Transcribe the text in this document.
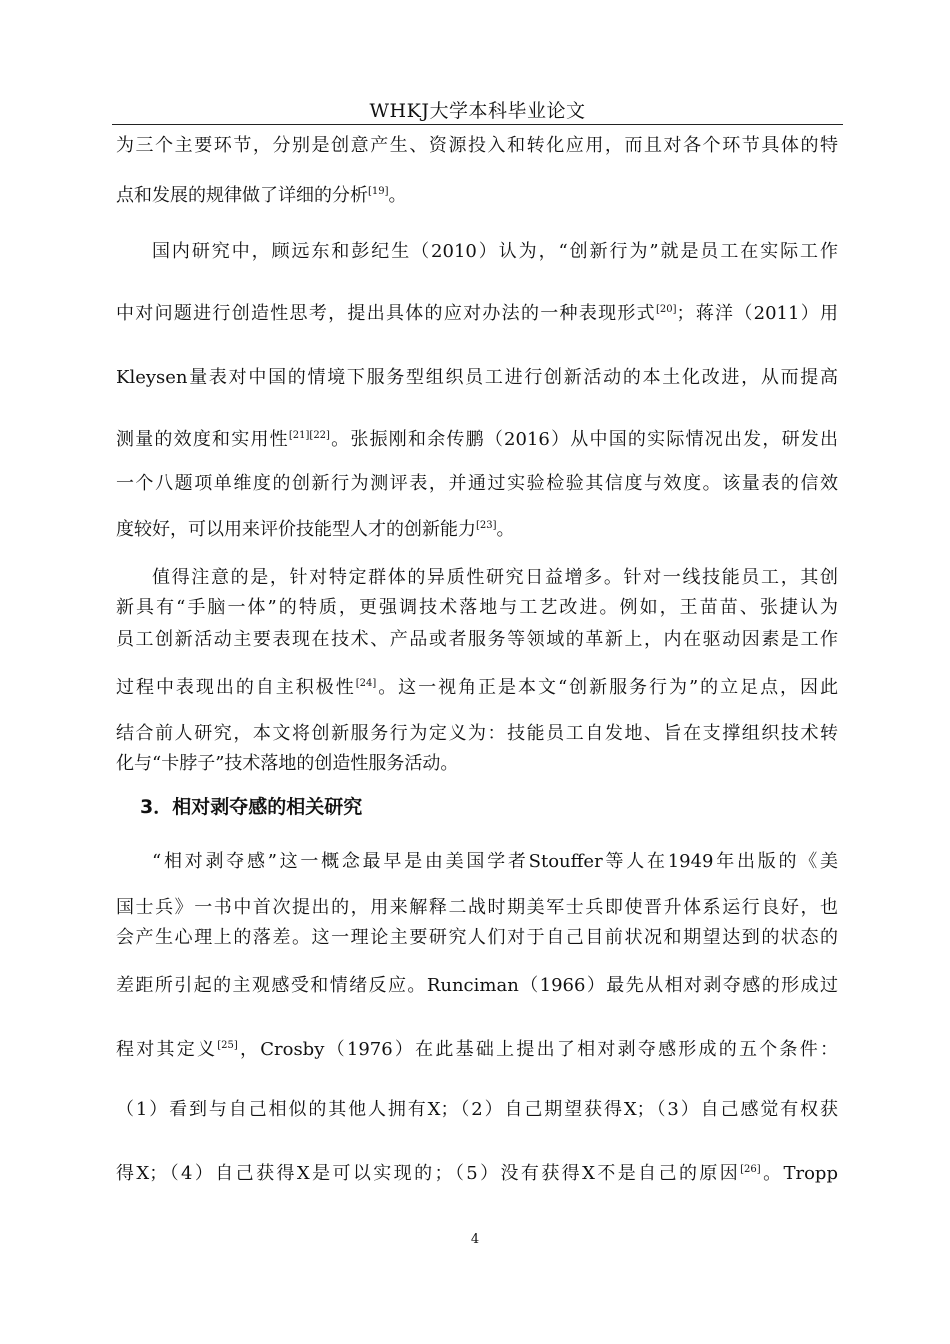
WHKJ大学本科毕业论文
为三个主要环节，分别是创意产生、资源投入和转化应用，而且对各个环节具体的特
点和发展的规律做了详细的分析[19]。
国内研究中，顾远东和彭纪生（2010）认为，“创新行为”就是员工在实际工作
中对问题进行创造性思考，提出具体的应对办法的一种表现形式[20]；蒋洋（2011）用
Kleysen量表对中国的情境下服务型组织员工进行创新活动的本土化改进，从而提高
测量的效度和实用性[21][22]。张振刚和余传鹏（2016）从中国的实际情况出发，研发出
一个八题项单维度的创新行为测评表，并通过实验检验其信度与效度。该量表的信效
度较好，可以用来评价技能型人才的创新能力[23]。
值得注意的是，针对特定群体的异质性研究日益增多。针对一线技能员工，其创
新具有“手脑一体”的特质，更强调技术落地与工艺改进。例如，王苗苗、张捷认为
员工创新活动主要表现在技术、产品或者服务等领域的革新上，内在驱动因素是工作
过程中表现出的自主积极性[24]。这一视角正是本文“创新服务行为”的立足点，因此
结合前人研究，本文将创新服务行为定义为：技能员工自发地、旨在支撑组织技术转
化与“卡脖子”技术落地的创造性服务活动。
3．相对剥夺感的相关研究
“相对剥夺感”这一概念最早是由美国学者Stouffer等人在1949年出版的《美
国士兵》一书中首次提出的，用来解释二战时期美军士兵即使晋升体系运行良好，也
会产生心理上的落差。这一理论主要研究人们对于自己目前状况和期望达到的状态的
差距所引起的主观感受和情绪反应。Runciman（1966）最先从相对剥夺感的形成过
程对其定义[25]，Crosby（1976）在此基础上提出了相对剥夺感形成的五个条件：
（1）看到与自己相似的其他人拥有X；（2）自己期望获得X；（3）自己感觉有权获
得X；（4）自己获得X是可以实现的；（5）没有获得X不是自己的原因[26]。Tropp
4
